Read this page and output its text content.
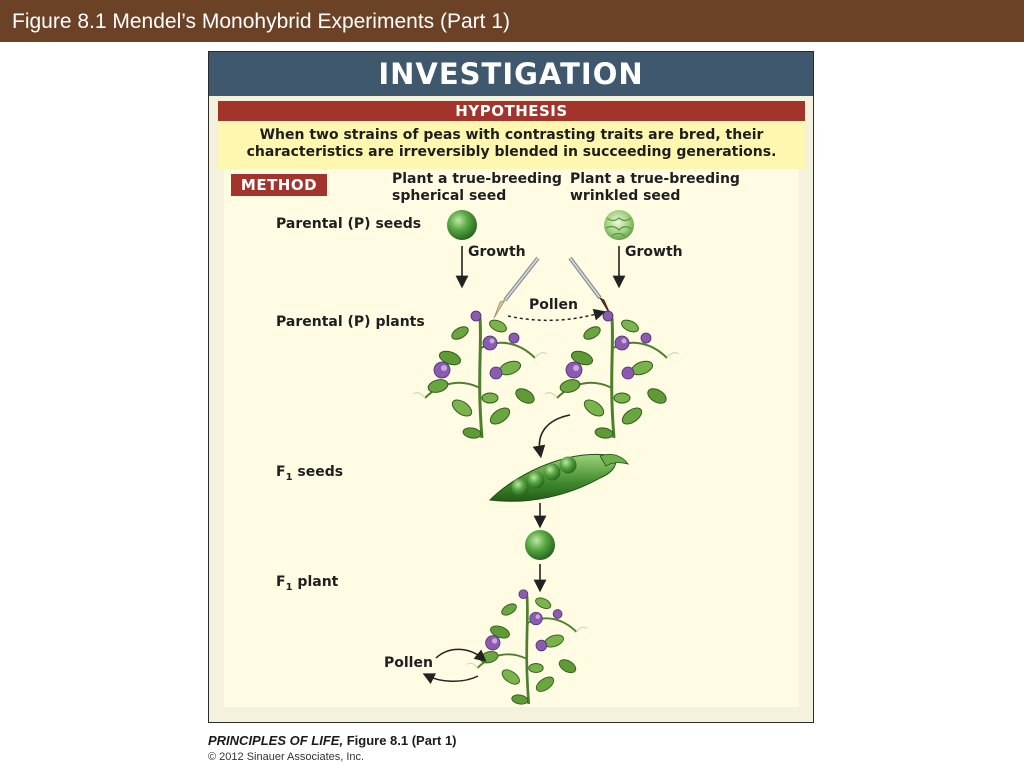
Figure 8.1 Mendel’s Monohybrid Experiments (Part 1)
INVESTIGATION
HYPOTHESIS
When two strains of peas with contrasting traits are bred, their
characteristics are irreversibly blended in succeeding generations.
METHOD	Plant a true-breeding
spherical seed
Plant a true-breeding
wrinkled seed
Parental (P) seeds
Parental (P) plants
$F_1$ seeds
$F_1$ plant
Growth	Growth
Pollen
Pollen
PRINCIPLES OF LIFE, Figure 8.1 (Part 1)
© 2012 Sinauer Associates, Inc.
